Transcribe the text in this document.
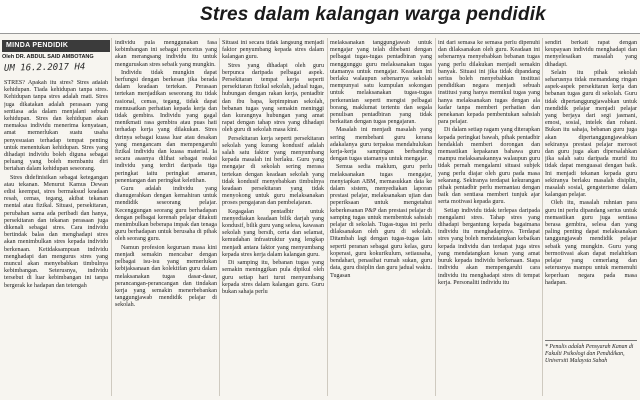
Stres dalam kalangan warga pendidik
MINDA PENDIDIK
Oleh DR. ABDUL SAID AMBOTANG
UM 16.2.2017 H4

STRES? Apakah itu stres? Stres adalah kehidupan. Tiada kehidupan tanpa stres. Kehidupan tanpa stres adalah mati. Stres juga dikatakan adalah perasaan yang sentiasa ada dalam menjalani sebuah kehidupan. Stres dan kehidupan akan memaksa individu menerima kenyataan, amat memerlukan suatu usaha penyesuaian terhadap tempat penting untuk menentukan kehidupan. Stres yang dihadapi individu boleh diguna sebagai peluang yang boleh membantu diri bertahan dalam kehidupan seseorang.

Stres didefinisikan sebagai ketegangan atau tekanan. Menurut Kamus Dewan edisi keempat, stres bermaksud keadaan resah, cemas, tegang, akibat tekanan mental atau fizikal. Situasi, persekitaran, perubahan sama ada peribadi dan hanya, persekitaran dan tekanan perasaan juga dikenali sebagai stres. Cara individu bertindak balas dan menghadapi stres akan menimbulkan stres kepada individu berkenaan. Ketidaksampuan individu menghadapi dan mengurus stres yang muncul akan menyebabkan timbulnya kebimbangan. Seterusnya, individu tersebut di luar kebimbangan ini tanpa bergerak ke hadapan dan tetengah

individu pula menggunakan fasa kebimbangan ini sebagai pencetus yang akan merangsang individu itu untuk menguruskan stres sebaik yang mungkin.

Individu tidak mungkin dapat berfungsi dengan berkesan jika berada dalam keadaan tertekan. Perasaan tertekan menjadikan seseorang itu tidak rasional, cemas, tegang, tidak dapat memusatkan perhatian kepada kerja dan tidak gembira. Individu yang gagal menikmati rasa gembira atau puas hati terhadap kerja yang dilakukan. Stres dirinya sebagai kuasa luar atau desakan yang mengancam dan mempengaruhi fizikal individu dan kuasa material. Ia secara asasnya dilihat sebagai reaksi individu yang terdiri daripada tiga peringkat iaitu peringkat amaran, penentangan dan peringkat keletihan.

Guru adalah individu yang dianugerahkan dengan kemahiran untuk mendidik seseorang pelajar. Kecenggungan seorang guru berhadapan dengan pelbagai kerenah pelajar ditakuti menimbulkan beberapa impak dan tenaga guru berhadapan untuk berusaha di pihak oleh seorang guru.

Namun profesion keguruan masa kini menjadi semakin mencabar dengan pelbagai isu-isu yang memerlukan kebijaksanaan dan kolektifan guru dalam melaksanakan tugas dasar-dasar, perancangan-perancangan dan tindakan kerja yang semakin menerbebankan tanggungjawab mendidik pelajar di sekolah.

Situasi ini secara tidak langsung menjadi faktor penyumbang kepada stres dalam kalangan guru.

Stres yang dihadapi oleh guru berpunca daripada pelbagai aspek. Persekitaran tempat kerja seperti persekitaran fizikal sekolah, jadual tugas, hubungan dengan rakan kerja, pentadbir dan ibu bapa, kepimpinan sekolah, bebanan tugas yang semakin meninggi dan kurangnya hubungan yang amat rapat dengan tahap stres yang dihadapi oleh guru di sekolah masa kini.

Persekitaran kerja seperti persekitaran sekolah yang kurang kondusif adalah salah satu faktor yang menyumbang kepada masalah ini berlaku. Guru yang mengajar di sekolah sering merasa tertekan dengan keadaan sekolah yang tidak kondusif menyebabkan timbulnya keadaan persekitaran yang tidak menyokong untuk guru melaksanakan proses pengajaran dan pembelajaran.

Kegagalan pentadbir untuk menyediakan keadaan bilik darjah yang kondusif, bilik guru yang selesa, kawasan sekolah yang bersih, ceria dan selamat, kemudahan infrastruktur yang lengkap menjadi antara faktor yang menyumbang kepada stres kerja dalam kalangan guru.

Di samping itu, bebanan tugas yang semakin meninggikan pula dipikul oleh guru setiap hari turut menyumbang kepada stres dalam kalangan guru. Guru bukan sahaja perlu

melaksanakan tanggungjawab untuk mengajar yang telah dibebani dengan pelbagai tugas-tugas pentadbiran yang menggunggu guru melaksanakan tugas utamanya untuk mengajar. Keadaan ini berlaku walaupun sebenarnya sekolah mempunyai satu kumpulan sokongan untuk melaksanakan tugas-tugas perkeranian seperti mengisi pelbagai borang, maklumat tertentu dan segala penulisan pentadbiran yang tidak berkaitan dengan tugas pengajaran.

Masalah ini menjadi masalah yang sering membebani guru kerana adakalanya guru terpaksa mendahulukan kerja-kerja sampingan berbanding dengan tugas utamanya untuk mengajar.

Semua sedia maklum, guru perlu melaksanakan tugas mengajar, menyiapkan ABM, memasukkan data ke dalam sistem, menyediakan laporan prestasi pelajar, melaksanakan ujian dan peperiksaan untuk mengetahui keberkesanan P&P dan prestasi pelajar di samping tugas untuk membentuk sahsiah pelajar di sekolah. Tugas-tugas ini perlu dilaksanakan oleh guru di sekolah. Ditambah lagi dengan tugas-tugas lain seperti peranan sebagai guru kelas, guru koperasi, guru kokurikulum, setiausaha, bendahari, penasihat rumah sukan, guru data, guru disiplin dan guru jadual waktu. Tugasan

ini dari semasa ke semasa perlu dipenuhi dan dilaksanakan oleh guru. Keadaan ini sebenarnya menyebabkan bebanan tugas yang perlu dilakukan menjadi semakin banyak. Situasi ini jika tidak dipandang serius boleh menyebabkan institusi pendidikan negara menjadi sebuah institusi yang hanya memikul tugas yang hanya melaksanakan tugas dengan ala kadar tanpa memberi perhatian dan penekanan kepada pembentukan sahsiah para pelajar.

Di dalam setiap ragam yang diterapkan kepada peringkat bawah, pihak pentadbir hendaklah memberi dorongan dan memastikan kepakaran bahawa guru mampu melaksanakannya walaupun guru tidak pernah mengalami situasi subjek yang perlu diajar oleh guru pada masa sekarang. Sekiranya terdapat kekurangan pihak pentadbir perlu memantau dengan baik dan sentiasa memberi tunjuk ajar serta motivasi kepada guru.

Setiap individu tidak terlepas daripada mengalami stres. Tahap stres yang dihadapi bergantung kepada bagaimana individu itu menghadapinya. Terdapat stres yang boleh mendatangkan kebaikan kepada individu dan terdapat juga stres yang mendatangkan kesan yang amat buruk kepada individu berkenaan. Siapa individu akan mempengaruhi cara individu itu menghadapi stres di tempat kerja. Personaliti individu itu

sendiri berkait rapat dengan keupayaan individu menghadapi dan menyelesaikan masalah yang dihadapi.

Selain itu pihak sekolah seharusnya tidak memandang ringan aspek-aspek persekitaran kerja dan bebanan tugas guru di sekolah. Guru tidak dipertanggungjawabkan untuk mendidik pelajar menjadi pelajar yang berjaya dari segi jasmani, emosi, sosial, intelek dan rohani. Bukan itu sahaja, bebanan guru juga akan dipertanggungjawabkan sekiranya prestasi pelajar merosot dan guru juga akan dipersalahkan jika salah satu daripada murid itu tidak dapat menguasai dengan baik. Ini menjadi tekanan kepada guru sekiranya berlaku masalah disiplin, masalah sosial, gengsterisme dalam kalangan pelajar.

Oleh itu, masalah ruhnian para guru ini perlu dipandang serius untuk memastikan guru juga sentiasa berasa gembira, selesa dan yang paling penting dapat melaksanakan tanggungjawab mendidik pelajar sebaik yang mungkin. Guru yang bermotivasi akan dapat melahirkan pelajar yang cemerlang dan seterusnya mampu untuk memenuhi keperluan negara pada masa hadapan.

* Penulis adalah Pensyarah Kanan di Fakulti Psikologi dan Pendidikan, Universiti Malaysia Sabah
